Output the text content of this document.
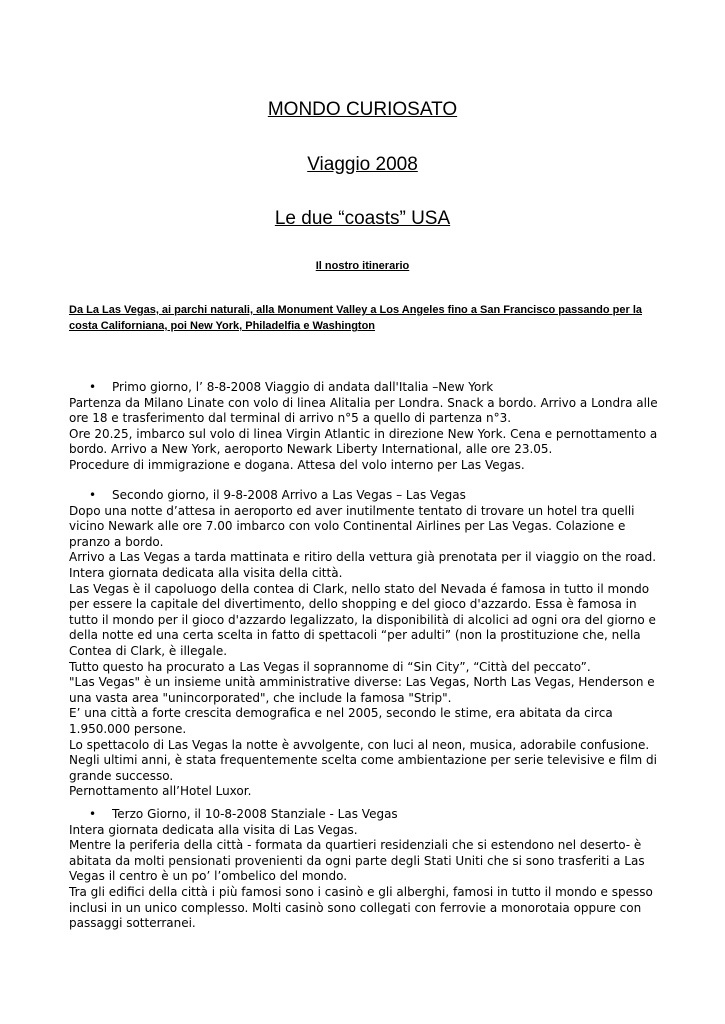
MONDO CURIOSATO
Viaggio 2008
Le due “coasts” USA

Il nostro itinerario

Da La Las Vegas, ai parchi naturali, alla Monument Valley a Los Angeles fino a San Francisco passando per la costa Californiana, poi New York, Philadelfia e Washington

• Primo giorno, l’ 8-8-2008 Viaggio di andata dall'Italia –New York

Partenza da Milano Linate con volo di linea Alitalia per Londra. Snack a bordo. Arrivo a Londra alle ore 18 e trasferimento dal terminal di arrivo n°5 a quello di partenza n°3.

Ore 20.25, imbarco sul volo di linea Virgin Atlantic in direzione New York. Cena e pernottamento a bordo. Arrivo a New York, aeroporto Newark Liberty International, alle ore 23.05.

Procedure di immigrazione e dogana. Attesa del volo interno per Las Vegas.

• Secondo giorno, il 9-8-2008 Arrivo a Las Vegas – Las Vegas

Dopo una notte d’attesa in aeroporto ed aver inutilmente tentato di trovare un hotel tra quelli vicino Newark alle ore 7.00 imbarco con volo Continental Airlines per Las Vegas. Colazione e pranzo a bordo.

Arrivo a Las Vegas a tarda mattinata e ritiro della vettura già prenotata per il viaggio on the road.

Intera giornata dedicata alla visita della città.

Las Vegas è il capoluogo della contea di Clark, nello stato del Nevada é famosa in tutto il mondo per essere la capitale del divertimento, dello shopping e del gioco d'azzardo. Essa è famosa in tutto il mondo per il gioco d'azzardo legalizzato, la disponibilità di alcolici ad ogni ora del giorno e della notte ed una certa scelta in fatto di spettacoli “per adulti” (non la prostituzione che, nella Contea di Clark, è illegale.

Tutto questo ha procurato a Las Vegas il soprannome di “Sin City”, “Città del peccato”.

"Las Vegas" è un insieme unità amministrative diverse: Las Vegas, North Las Vegas, Henderson e una vasta area "unincorporated", che include la famosa "Strip".

E’ una città a forte crescita demografica e nel 2005, secondo le stime, era abitata da circa 1.950.000 persone.

Lo spettacolo di Las Vegas la notte è avvolgente, con luci al neon, musica, adorabile confusione.

Negli ultimi anni, è stata frequentemente scelta come ambientazione per serie televisive e film di grande successo.

Pernottamento all’Hotel Luxor.

• Terzo Giorno, il 10-8-2008 Stanziale - Las Vegas

Intera giornata dedicata alla visita di Las Vegas.

Mentre la periferia della città - formata da quartieri residenziali che si estendono nel deserto- è abitata da molti pensionati provenienti da ogni parte degli Stati Uniti che si sono trasferiti a Las Vegas il centro è un po’ l’ombelico del mondo.

Tra gli edifici della città i più famosi sono i casinò e gli alberghi, famosi in tutto il mondo e spesso inclusi in un unico complesso. Molti casinò sono collegati con ferrovie a monorotaia oppure con passaggi sotterranei.
